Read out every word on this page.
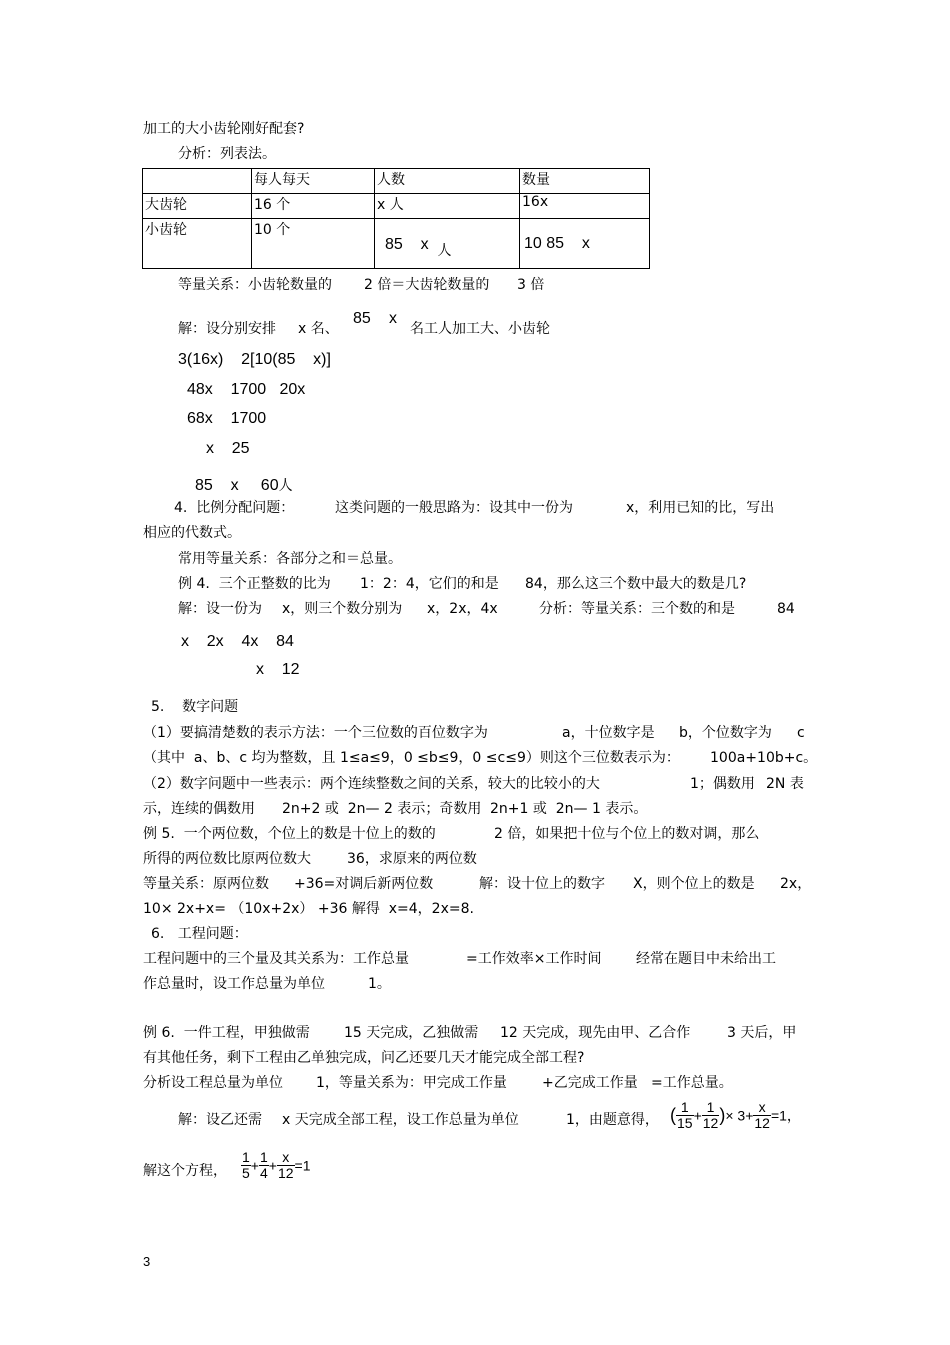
加工的大小齿轮刚好配套?
分析：列表法。
	每人每天	人数	数量
大齿轮	16 个	x 人	16x
小齿轮	10 个	85 x 人	10 85    x
等量关系：小齿轮数量的 2 倍＝大齿轮数量的 3 倍
解：设分别安排 x 名、
85 x
名工人加工大、小齿轮
3(16x)    2[10(85    x)]
48x    1700   20x
68x    1700
x    25
85    x     60人
4.  比例分配问题：	这类问题的一般思路为：设其中一份为	x，利用已知的比，写出
相应的代数式。
常用等量关系：各部分之和＝总量。
例 4.  三个正整数的比为 1：2：4，它们的和是 84，那么这三个数中最大的数是几?
解：设一份为 x，则三个数分别为 x，2x，4x	分析：等量关系：三个数的和是	84
x    2x    4x    84
x    12
5.    数字问题
（1）要搞清楚数的表示方法：一个三位数的百位数字为	a，十位数字是 b，个位数字为 c
（其中  a、b、c 均为整数，且 1≤a≤9，0 ≤b≤9，0 ≤c≤9）则这个三位数表示为： 100a+10b+c。
（2）数字问题中一些表示：两个连续整数之间的关系，较大的比较小的大	1；偶数用 2N 表
示，连续的偶数用 2n+2 或  2n— 2 表示；奇数用 2n+1 或  2n— 1 表示。
例 5.  一个两位数，个位上的数是十位上的数的	2 倍，如果把十位与个位上的数对调，那么
所得的两位数比原两位数大	36，求原来的两位数
等量关系：原两位数 +36=对调后新两位数	解：设十位上的数字 X，则个位上的数是 2x，
10× 2x+x= （10x+2x） +36 解得  x=4，2x=8.
6.   工程问题：
工程问题中的三个量及其关系为：工作总量	=工作效率×工作时间 经常在题目中未给出工
作总量时，设工作总量为单位	1。
例 6.  一件工程，甲独做需 15 天完成，乙独做需 12 天完成，现先由甲、乙合作	3 天后，甲
有其他任务，剩下工程由乙单独完成，问乙还要几天才能完成全部工程?
分析设工程总量为单位 1，等量关系为：甲完成工作量	+乙完成工作量 =工作总量。
解：设乙还需 x 天完成全部工程，设工作总量为单位	1，由题意得， ( $\frac{1}{15} + \frac{1}{12}$ )× $3+ \frac{x}{12} =1$，
解这个方程， $\frac{1}{5} + \frac{1}{4} + \frac{x}{12} =1$
3
